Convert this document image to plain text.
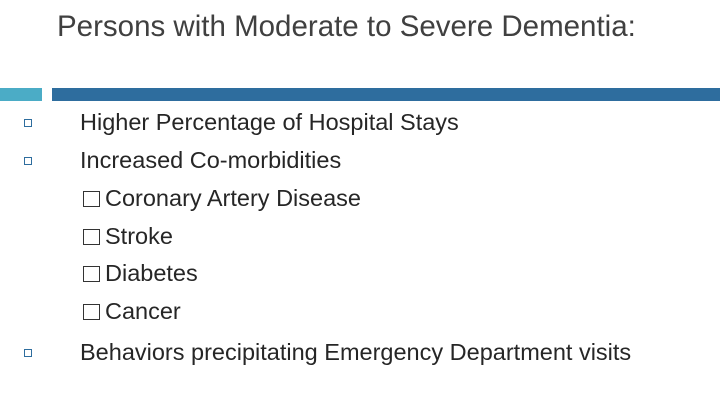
Persons with Moderate to Severe Dementia:
Higher Percentage of Hospital Stays
Increased Co-morbidities
Coronary Artery Disease
Stroke
Diabetes
Cancer
Behaviors precipitating Emergency Department visits
